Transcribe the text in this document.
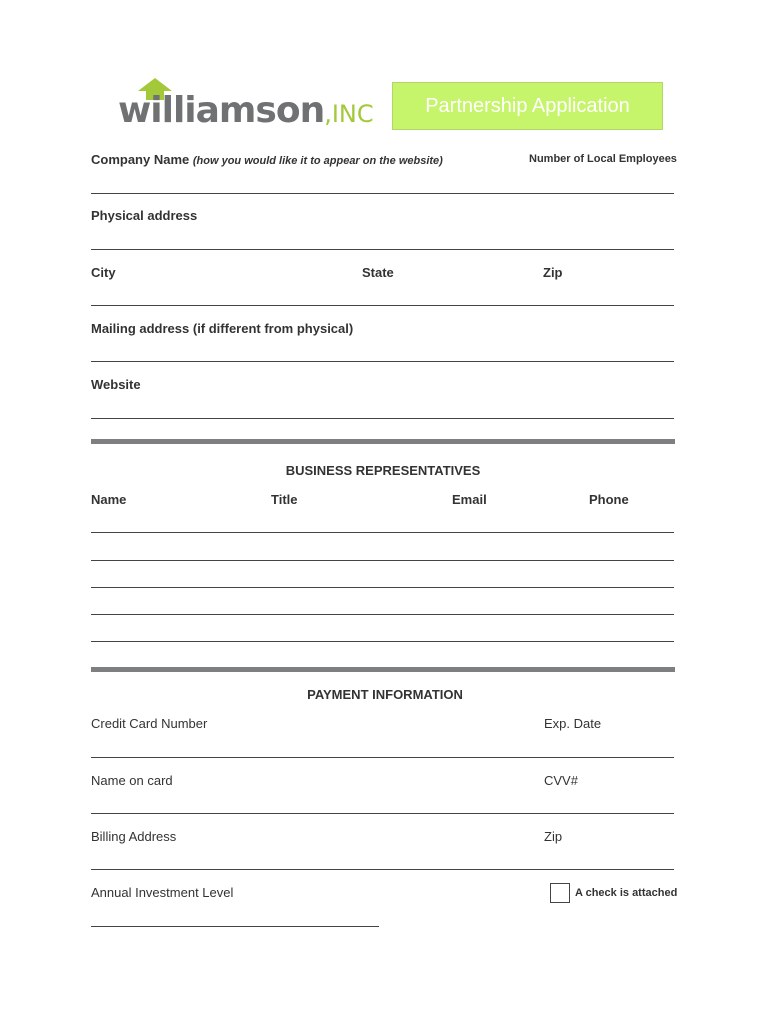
williamson,INC	Partnership Application
Company Name (how you would like it to appear on the website)	Number of Local Employees
Physical address
City	State	Zip
Mailing address (if different from physical)
Website
BUSINESS REPRESENTATIVES
Name	Title	Email	Phone
PAYMENT INFORMATION
Credit Card Number	Exp. Date
Name on card	CVV#
Billing Address	Zip
Annual Investment Level	A check is attached
